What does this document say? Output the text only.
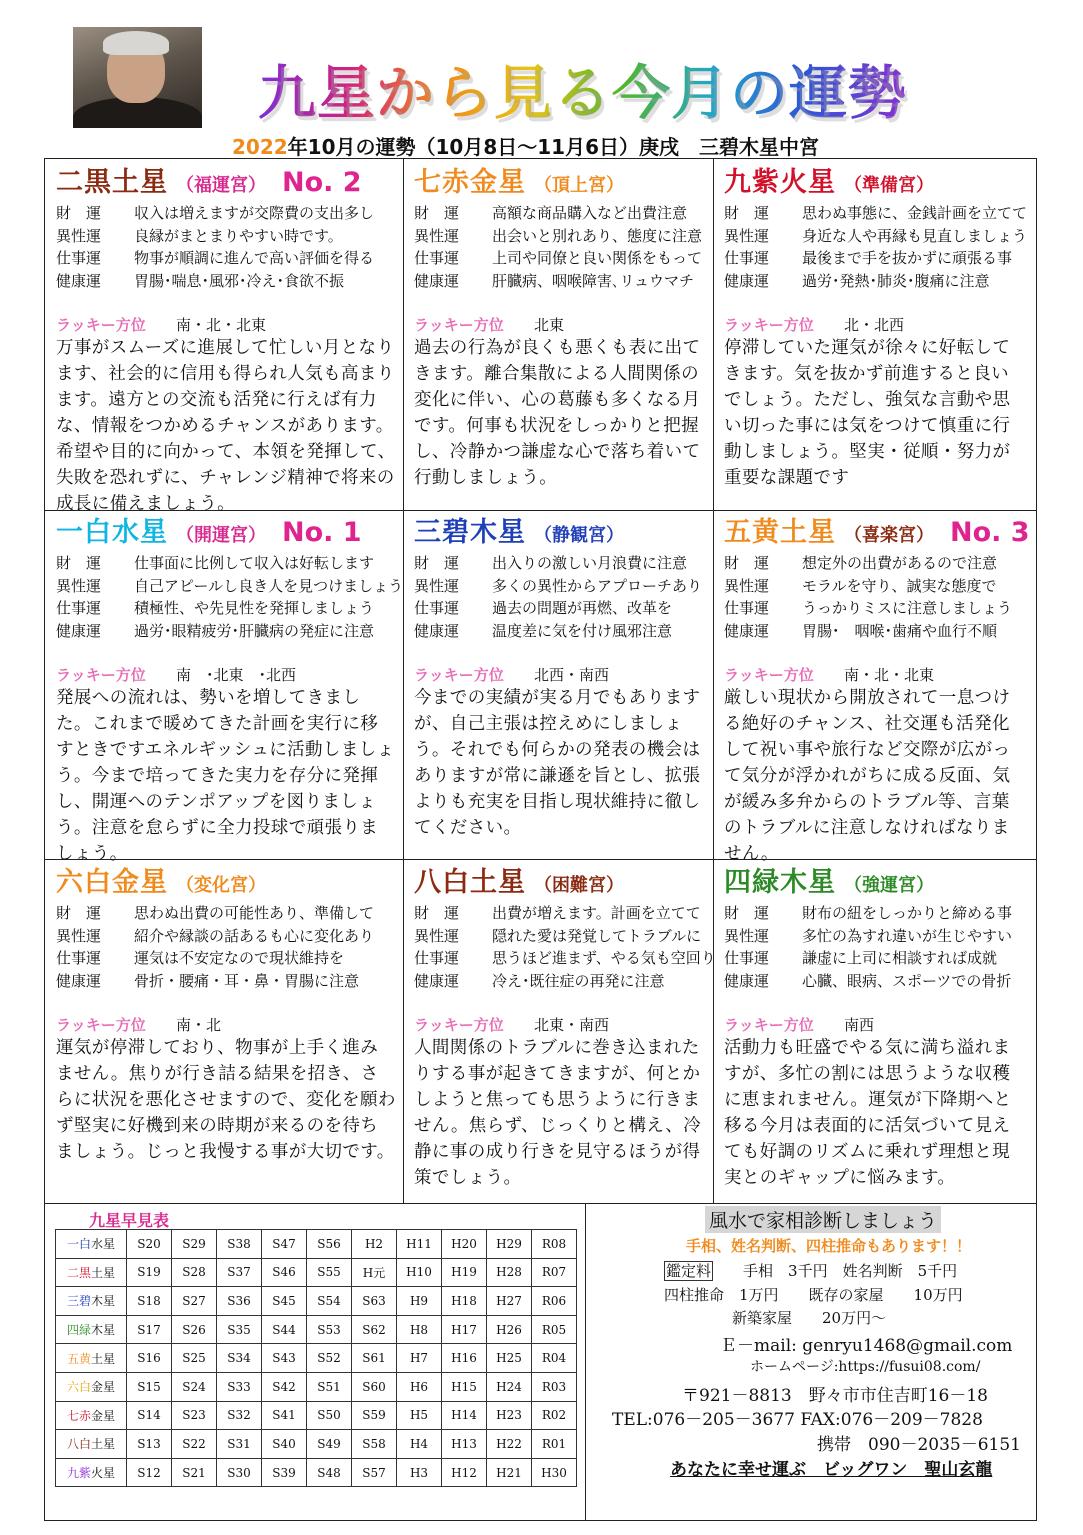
九星から見る今月の運勢
2022年10月の運勢（10月8日～11月6日）庚戌　三碧木星中宮
二黒土星 （福運宮） No. 2
財　運 収入は増えますが交際費の支出多し
異性運 良縁がまとまりやすい時です。
仕事運 物事が順調に進んで高い評価を得る
健康運 胃腸･喘息･風邪･冷え･食欲不振
ラッキー方位 南・北・北東
万事がスムーズに進展して忙しい月となります、社会的に信用も得られ人気も高まります。遠方との交流も活発に行えば有力な、情報をつかめるチャンスがあります。希望や目的に向かって、本領を発揮して、失敗を恐れずに、チャレンジ精神で将来の成長に備えましょう。
七赤金星 （頂上宮）
財　運 高額な商品購入など出費注意
異性運 出会いと別れあり、態度に注意
仕事運 上司や同僚と良い関係をもって
健康運 肝臓病、咽喉障害､リュウマチ
ラッキー方位 北東
過去の行為が良くも悪くも表に出てきます。離合集散による人間関係の変化に伴い、心の葛藤も多くなる月です。何事も状況をしっかりと把握し、冷静かつ謙虚な心で落ち着いて行動しましょう。
九紫火星 （準備宮）
財　運 思わぬ事態に、金銭計画を立てて
異性運 身近な人や再縁も見直しましょう
仕事運 最後まで手を抜かずに頑張る事
健康運 過労･発熱･肺炎･腹痛に注意
ラッキー方位 北・北西
停滞していた運気が徐々に好転してきます。気を抜かず前進すると良いでしょう。ただし、強気な言動や思い切った事には気をつけて慎重に行動しましょう。堅実・従順・努力が重要な課題です
一白水星 （開運宮） No. 1
財　運 仕事面に比例して収入は好転します
異性運 自己アピールし良き人を見つけましょう
仕事運 積極性、や先見性を発揮しましょう
健康運 過労･眼精疲労･肝臓病の発症に注意
ラッキー方位 南　･北東　･北西
発展への流れは、勢いを増してきました。これまで暖めてきた計画を実行に移すときですエネルギッシュに活動しましょう。今まで培ってきた実力を存分に発揮し、開運へのテンポアップを図りましょう。注意を怠らずに全力投球で頑張りましょう。
三碧木星 （静観宮）
財　運 出入りの激しい月浪費に注意
異性運 多くの異性からアプローチあり
仕事運 過去の問題が再燃、改革を
健康運 温度差に気を付け風邪注意
ラッキー方位 北西・南西
今までの実績が実る月でもありますが、自己主張は控えめにしましょう。それでも何らかの発表の機会はありますが常に謙遜を旨とし、拡張よりも充実を目指し現状維持に徹してください。
五黄土星 （喜楽宮） No. 3
財　運 想定外の出費があるので注意
異性運 モラルを守り、誠実な態度で
仕事運 うっかりミスに注意しましょう
健康運 胃腸･　咽喉･歯痛や血行不順
ラッキー方位 南・北・北東
厳しい現状から開放されて一息つける絶好のチャンス、社交運も活発化して祝い事や旅行など交際が広がって気分が浮かれがちに成る反面、気が緩み多弁からのトラブル等、言葉のトラブルに注意しなければなりません。
六白金星 （変化宮）
財　運 思わぬ出費の可能性あり、準備して
異性運 紹介や縁談の話あるも心に変化あり
仕事運 運気は不安定なので現状維持を
健康運 骨折・腰痛・耳・鼻・胃腸に注意
ラッキー方位 南・北
運気が停滞しており、物事が上手く進みません。焦りが行き詰る結果を招き、さらに状況を悪化させますので、変化を願わず堅実に好機到来の時期が来るのを待ちましょう。じっと我慢する事が大切です。
八白土星 （困難宮）
財　運 出費が増えます。計画を立てて
異性運 隠れた愛は発覚してトラブルに
仕事運 思うほど進まず、やる気も空回り
健康運 冷え･既往症の再発に注意
ラッキー方位 北東・南西
人間関係のトラブルに巻き込まれたりする事が起きてきますが、何とかしようと焦っても思うように行きません。焦らず、じっくりと構え、冷静に事の成り行きを見守るほうが得策でしょう。
四緑木星 （強運宮）
財　運 財布の紐をしっかりと締める事
異性運 多忙の為すれ違いが生じやすい
仕事運 謙虚に上司に相談すれば成就
健康運 心臓、眼病、スポーツでの骨折
ラッキー方位 南西
活動力も旺盛でやる気に満ち溢れますが、多忙の割には思うような収穫に恵まれません。運気が下降期へと移る今月は表面的に活気づいて見えても好調のリズムに乗れず理想と現実とのギャップに悩みます。
九星早見表
一白水星	S20	S29	S38	S47	S56	H2	H11	H20	H29	R08
二黒土星	S19	S28	S37	S46	S55	H元	H10	H19	H28	R07
三碧木星	S18	S27	S36	S45	S54	S63	H9	H18	H27	R06
四緑木星	S17	S26	S35	S44	S53	S62	H8	H17	H26	R05
五黄土星	S16	S25	S34	S43	S52	S61	H7	H16	H25	R04
六白金星	S15	S24	S33	S42	S51	S60	H6	H15	H24	R03
七赤金星	S14	S23	S32	S41	S50	S59	H5	H14	H23	R02
八白土星	S13	S22	S31	S40	S49	S58	H4	H13	H22	R01
九紫火星	S12	S21	S30	S39	S48	S57	H3	H12	H21	H30
風水で家相診断しましょう
手相、姓名判断、四柱推命もあります！！
鑑定料　　 手相　3千円　姓名判断　5千円
四柱推命　1万円　　既存の家屋　　10万円
新築家屋　　20万円～
Ｅ－mail: genryu1468@gmail.com
ホームページ:https://fusui08.com/
〒921－8813　野々市市住吉町16－18
TEL:076－205－3677 FAX:076－209－7828
携帯　090－2035－6151
あなたに幸せ運ぶ　ビッグワン　聖山玄龍
